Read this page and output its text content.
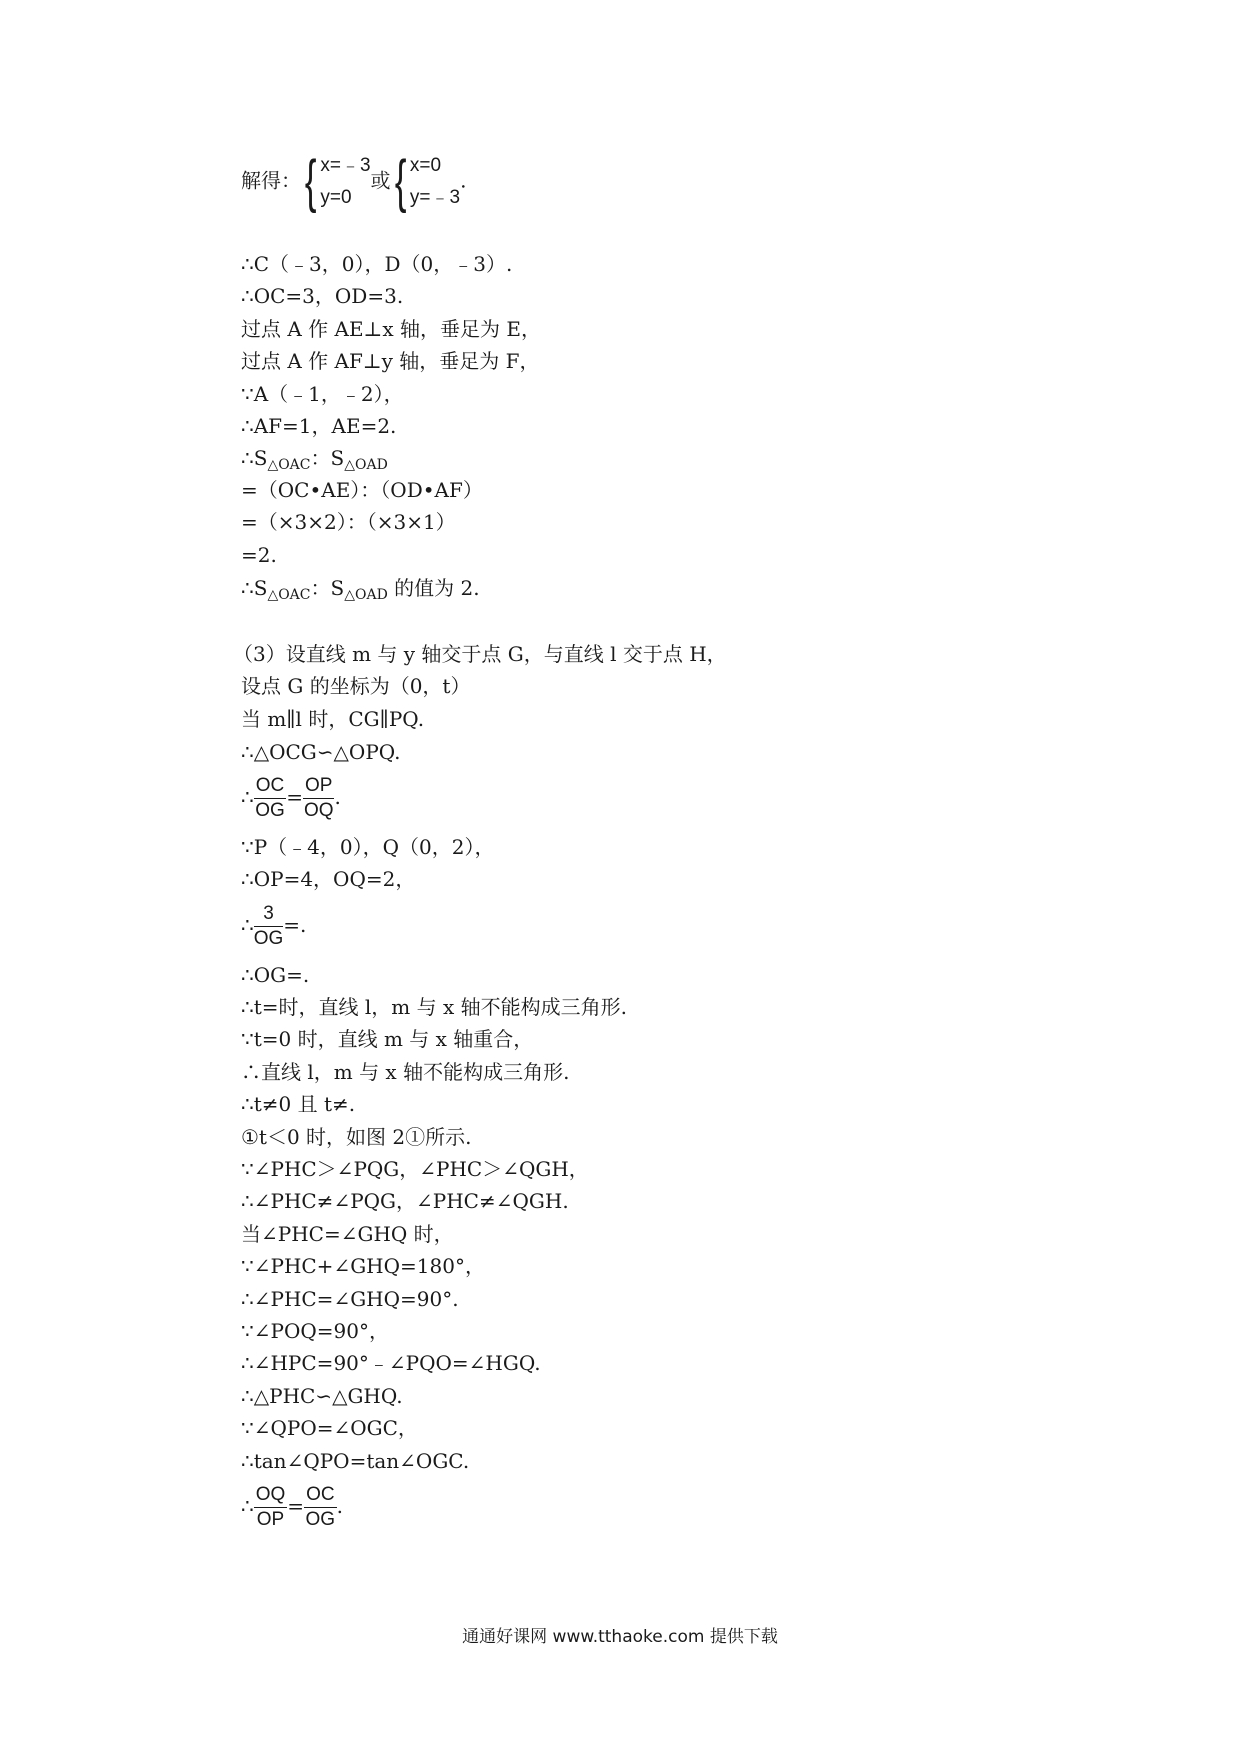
解得：{ x=﹣3
y=0
或{ x=0
y=﹣3
.
∴C（﹣3，0），D（0，﹣3）.
∴OC=3，OD=3.
过点 A 作 AE⊥x 轴，垂足为 E，
过点 A 作 AF⊥y 轴，垂足为 F，
∵A（﹣1，﹣2），
∴AF=1，AE=2.
$\therefore S_{\triangle OAC}$：$S_{\triangle OAD}$
=（OC•AE）：（OD•AF）
=（×3×2）：（×3×1）
=2.
$\therefore S_{\triangle OAC}$：$S_{\triangle OAD}$ 的值为 2.
（3）设直线 m 与 y 轴交于点 G，与直线 l 交于点 H，
设点 G 的坐标为（0，t）
当 m∥l 时，CG∥PQ.
∴△OCG∽△OPQ.
∴ $\frac{OC}{OG} = \frac{OP}{OQ}$ .
∵P（﹣4，0），Q（0，2），
∴OP=4，OQ=2，
∴ $\frac{3}{OG}$ =.
∴OG=.
∴t=时，直线 l，m 与 x 轴不能构成三角形.
∵t=0 时，直线 m 与 x 轴重合，
∴直线 l，m 与 x 轴不能构成三角形.
∴t≠0 且 t≠.
①t＜0 时，如图 2①所示.
∵∠PHC＞∠PQG，∠PHC＞∠QGH，
∴∠PHC≠∠PQG，∠PHC≠∠QGH.
当∠PHC=∠GHQ 时，
∵∠PHC+∠GHQ=180°，
∴∠PHC=∠GHQ=90°.
∵∠POQ=90°，
∴∠HPC=90°﹣∠PQO=∠HGQ.
∴△PHC∽△GHQ.
∵∠QPO=∠OGC，
∴tan∠QPO=tan∠OGC.
∴ $\frac{OQ}{OP} = \frac{OC}{OG}$ .
通通好课网 www.tthaoke.com 提供下载
